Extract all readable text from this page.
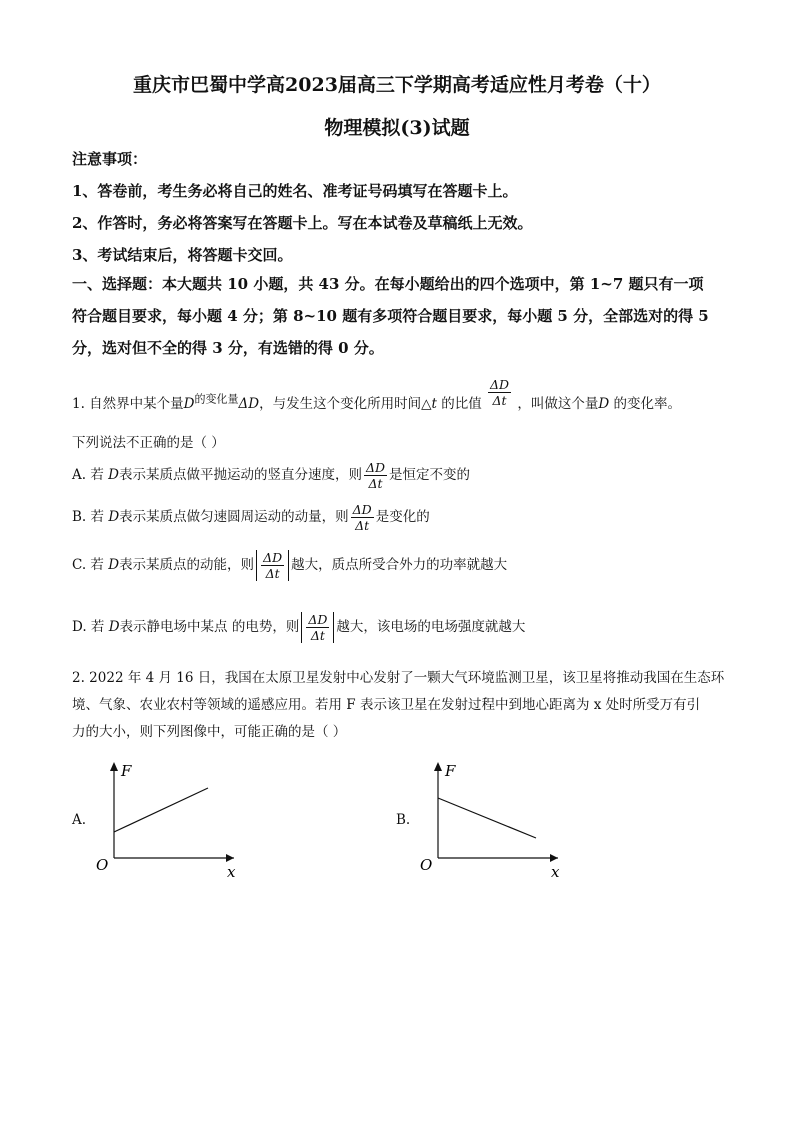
重庆市巴蜀中学高2023届高三下学期高考适应性月考卷（十）
物理模拟(3)试题
注意事项：
1、答卷前，考生务必将自己的姓名、准考证号码填写在答题卡上。
2、作答时，务必将答案写在答题卡上。写在本试卷及草稿纸上无效。
3、考试结束后，将答题卡交回。
一、选择题：本大题共 10 小题，共 43 分。在每小题给出的四个选项中，第 1~7 题只有一项
符合题目要求，每小题 4 分；第 8~10 题有多项符合题目要求，每小题 5 分，全部选对的得 5
分，选对但不全的得 3 分，有选错的得 0 分。
1. 自然界中某个量$D^{的变化量}\Delta D$，与发生这个变化所用时间△t 的比值 $\frac{\Delta D}{\Delta t}$ ，叫做这个量D 的变化率。
下列说法不正确的是（ ）
A. 若 D表示某质点做平抛运动的竖直分速度，则 $\frac{\Delta D}{\Delta t}$ 是恒定不变的
B. 若 D表示某质点做匀速圆周运动的动量，则 $\frac{\Delta D}{\Delta t}$ 是变化的
C. 若 D表示某质点的动能，则 $\frac{\Delta D}{\Delta t}$ 越大，质点所受合外力的功率就越大
D. 若 D表示静电场中某点 的电势，则 $\frac{\Delta D}{\Delta t}$ 越大，该电场的电场强度就越大
2. 2022 年 4 月 16 日，我国在太原卫星发射中心发射了一颗大气环境监测卫星，该卫星将推动我国在生态环
境、气象、农业农村等领域的遥感应用。若用 F 表示该卫星在发射过程中到地心距离为 x 处时所受万有引
力的大小，则下列图像中，可能正确的是（ ）
A.
F
O	x
B.
F
O	x
